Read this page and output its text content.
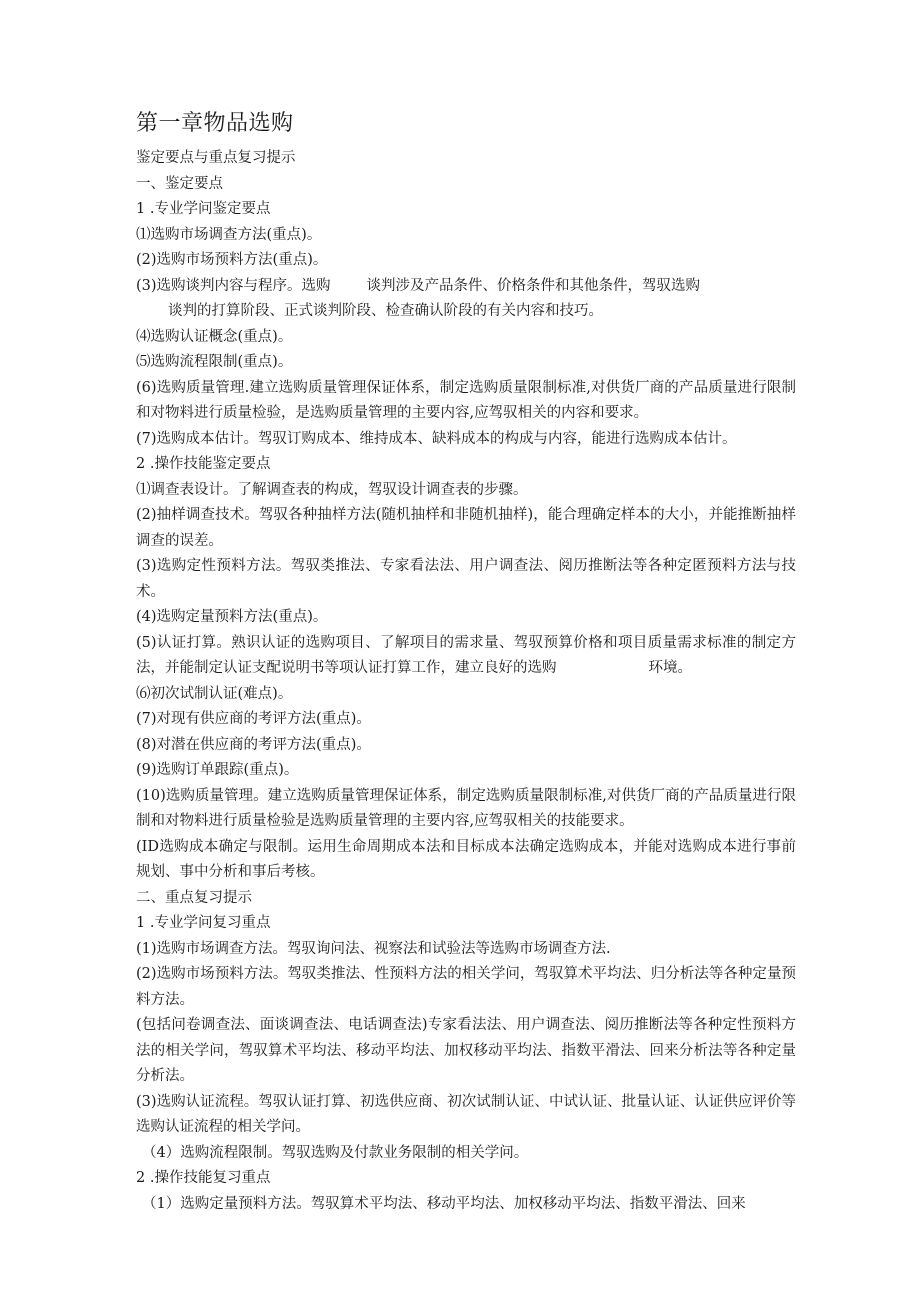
第一章物品选购

鉴定要点与重点复习提示

一、鉴定要点

1 .专业学问鉴定要点

⑴选购市场调查方法(重点)。

(2)选购市场预料方法(重点)。

(3)选购谈判内容与程序。选购 谈判涉及产品条件、价格条件和其他条件，驾驭选购

谈判的打算阶段、正式谈判阶段、检查确认阶段的有关内容和技巧。

⑷选购认证概念(重点)。

⑸选购流程限制(重点)。

(6)选购质量管理.建立选购质量管理保证体系，制定选购质量限制标准,对供货厂商的产品质量进行限制和对物料进行质量检验，是选购质量管理的主要内容,应驾驭相关的内容和要求。

(7)选购成本估计。驾驭订购成本、维持成本、缺料成本的构成与内容，能进行选购成本估计。

2 .操作技能鉴定要点

⑴调查表设计。了解调查表的构成，驾驭设计调查表的步骤。

(2)抽样调查技术。驾驭各种抽样方法(随机抽样和非随机抽样)，能合理确定样本的大小，并能推断抽样调查的误差。

(3)选购定性预料方法。驾驭类推法、专家看法法、用户调查法、阅历推断法等各种定匿预料方法与技术。

(4)选购定量预料方法(重点)。

(5)认证打算。熟识认证的选购项目、了解项目的需求量、驾驭预算价格和项目质量需求标准的制定方法，并能制定认证支配说明书等项认证打算工作，建立良好的选购	环境。

⑹初次试制认证(难点)。

(7)对现有供应商的考评方法(重点)。

(8)对潜在供应商的考评方法(重点)。

(9)选购订单跟踪(重点)。

(10)选购质量管理。建立选购质量管理保证体系，制定选购质量限制标准,对供货厂商的产品质量进行限制和对物料进行质量检验是选购质量管理的主要内容,应驾驭相关的技能要求。

(ID选购成本确定与限制。运用生命周期成本法和目标成本法确定选购成本，并能对选购成本进行事前规划、事中分析和事后考核。

二、重点复习提示

1 .专业学问复习重点

(1)选购市场调查方法。驾驭询问法、视察法和试验法等选购市场调查方法.

(2)选购市场预料方法。驾驭类推法、性预料方法的相关学问，驾驭算术平均法、归分析法等各种定量预料方法。

(包括问卷调查法、面谈调查法、电话调查法)专家看法法、用户调查法、阅历推断法等各种定性预料方法的相关学问，驾驭算术平均法、移动平均法、加权移动平均法、指数平滑法、回来分析法等各种定量分析法。

(3)选购认证流程。驾驭认证打算、初选供应商、初次试制认证、中试认证、批量认证、认证供应评价等选购认证流程的相关学问。

（4）选购流程限制。驾驭选购及付款业务限制的相关学问。

2 .操作技能复习重点

（1）选购定量预料方法。驾驭算术平均法、移动平均法、加权移动平均法、指数平滑法、回来
